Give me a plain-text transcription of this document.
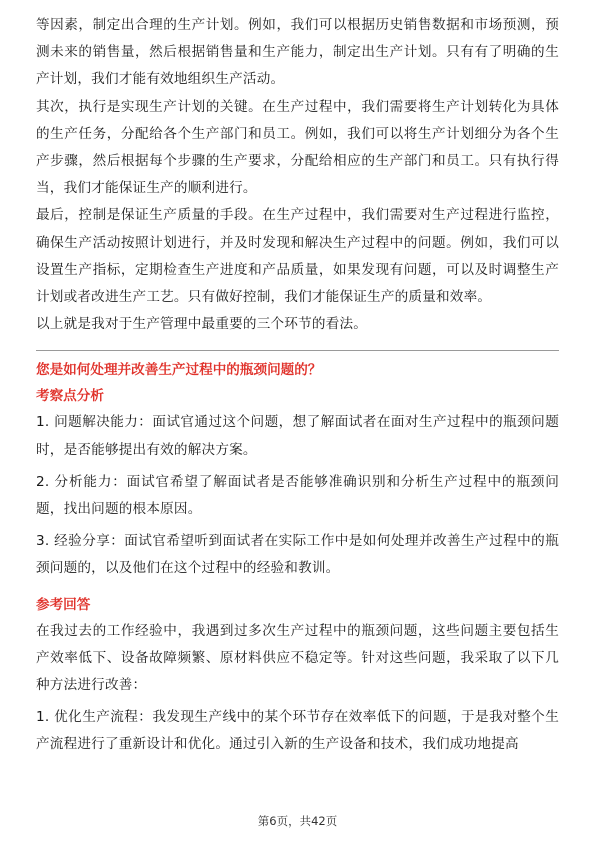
等因素，制定出合理的生产计划。例如，我们可以根据历史销售数据和市场预测，预测未来的销售量，然后根据销售量和生产能力，制定出生产计划。只有有了明确的生产计划，我们才能有效地组织生产活动。

其次，执行是实现生产计划的关键。在生产过程中，我们需要将生产计划转化为具体的生产任务，分配给各个生产部门和员工。例如，我们可以将生产计划细分为各个生产步骤，然后根据每个步骤的生产要求，分配给相应的生产部门和员工。只有执行得当，我们才能保证生产的顺利进行。

最后，控制是保证生产质量的手段。在生产过程中，我们需要对生产过程进行监控，确保生产活动按照计划进行，并及时发现和解决生产过程中的问题。例如，我们可以设置生产指标，定期检查生产进度和产品质量，如果发现有问题，可以及时调整生产计划或者改进生产工艺。只有做好控制，我们才能保证生产的质量和效率。

以上就是我对于生产管理中最重要的三个环节的看法。

您是如何处理并改善生产过程中的瓶颈问题的？

考察点分析

1. 问题解决能力：面试官通过这个问题，想了解面试者在面对生产过程中的瓶颈问题时，是否能够提出有效的解决方案。

2. 分析能力：面试官希望了解面试者是否能够准确识别和分析生产过程中的瓶颈问题，找出问题的根本原因。

3. 经验分享：面试官希望听到面试者在实际工作中是如何处理并改善生产过程中的瓶颈问题的，以及他们在这个过程中的经验和教训。

参考回答

在我过去的工作经验中，我遇到过多次生产过程中的瓶颈问题，这些问题主要包括生产效率低下、设备故障频繁、原材料供应不稳定等。针对这些问题，我采取了以下几种方法进行改善：

1. 优化生产流程：我发现生产线中的某个环节存在效率低下的问题，于是我对整个生产流程进行了重新设计和优化。通过引入新的生产设备和技术，我们成功地提高

第6页，共42页
